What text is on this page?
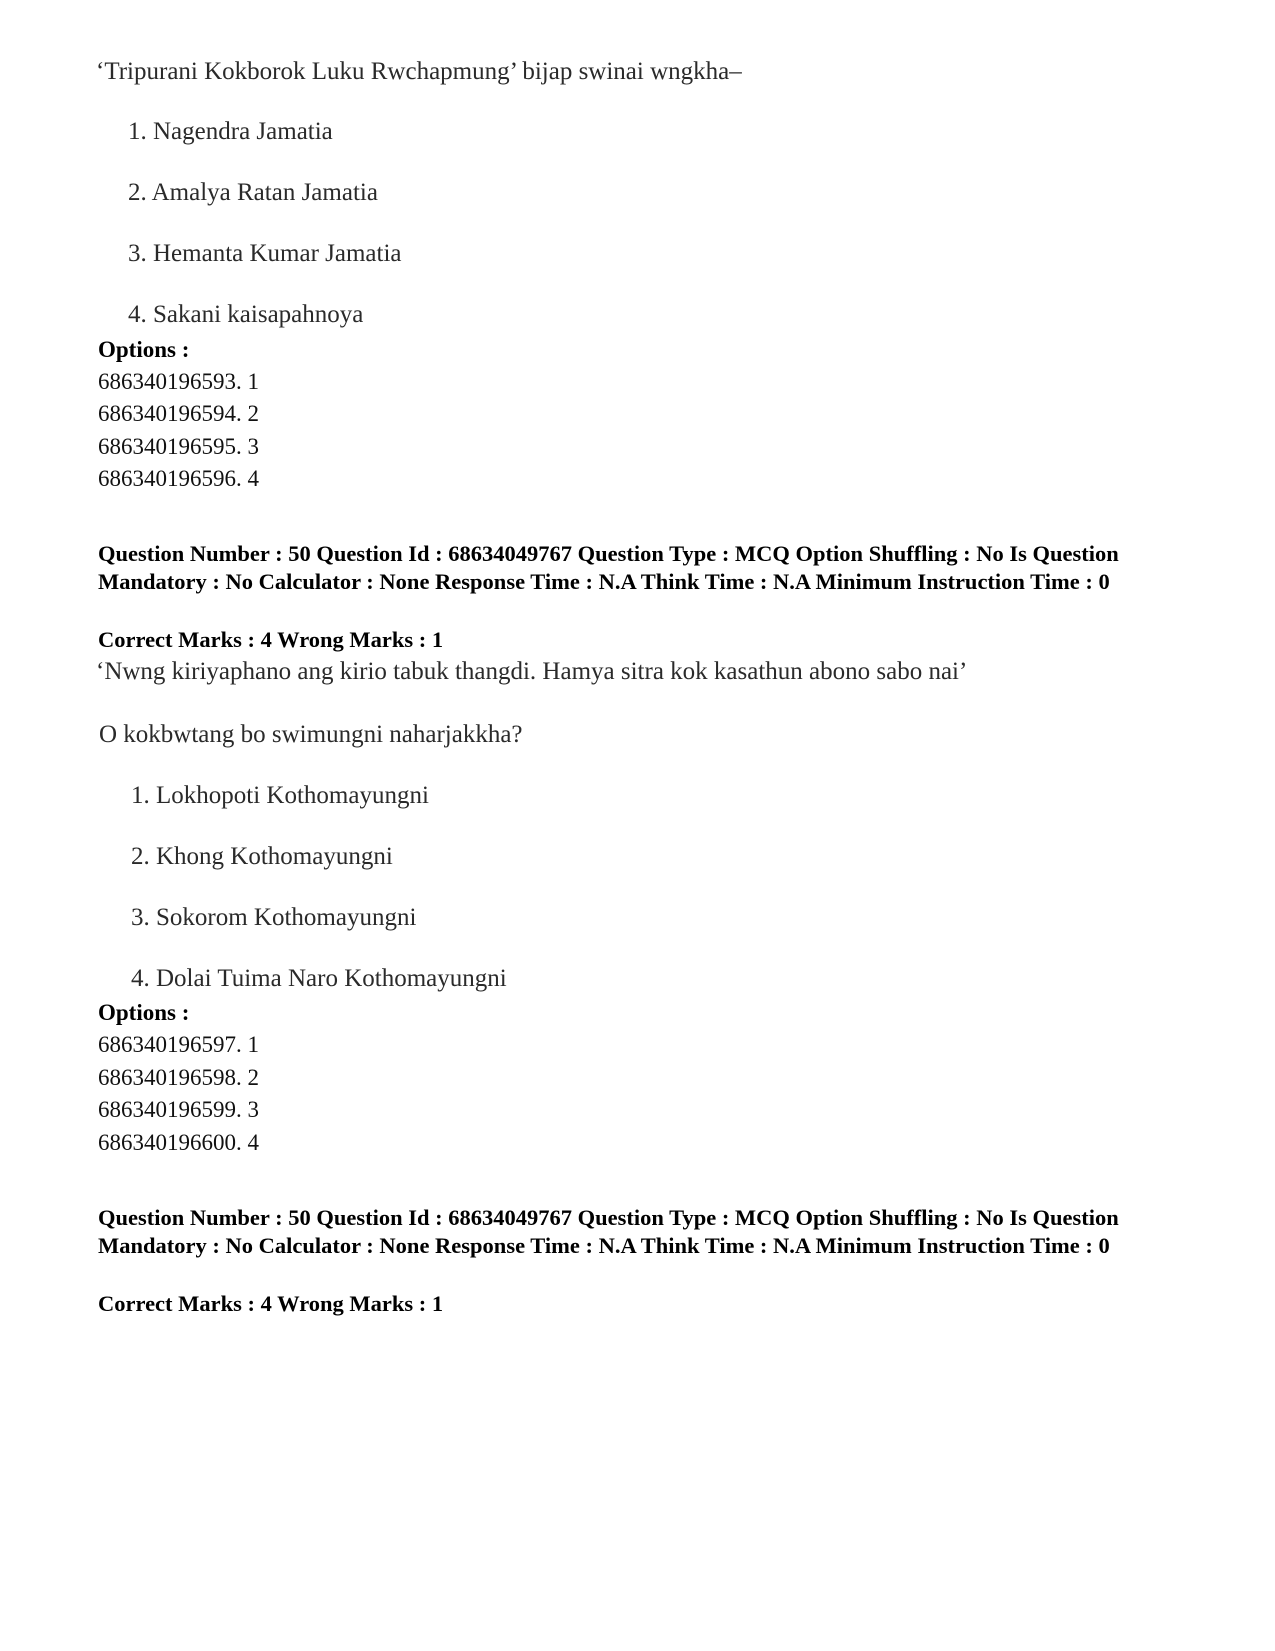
‘Tripurani Kokborok Luku Rwchapmung’ bijap swinai wngkha–
1. Nagendra Jamatia
2. Amalya Ratan Jamatia
3. Hemanta Kumar Jamatia
4. Sakani kaisapahnoya
Options :
686340196593. 1
686340196594. 2
686340196595. 3
686340196596. 4
Question Number : 50 Question Id : 68634049767 Question Type : MCQ Option Shuffling : No Is Question Mandatory : No Calculator : None Response Time : N.A Think Time : N.A Minimum Instruction Time : 0
Correct Marks : 4 Wrong Marks : 1
‘Nwng kiriyaphano ang kirio tabuk thangdi. Hamya sitra kok kasathun abono sabo nai’
O kokbwtang bo swimungni naharjakkha?
1. Lokhopoti Kothomayungni
2. Khong Kothomayungni
3. Sokorom Kothomayungni
4. Dolai Tuima Naro Kothomayungni
Options :
686340196597. 1
686340196598. 2
686340196599. 3
686340196600. 4
Question Number : 50 Question Id : 68634049767 Question Type : MCQ Option Shuffling : No Is Question Mandatory : No Calculator : None Response Time : N.A Think Time : N.A Minimum Instruction Time : 0
Correct Marks : 4 Wrong Marks : 1
